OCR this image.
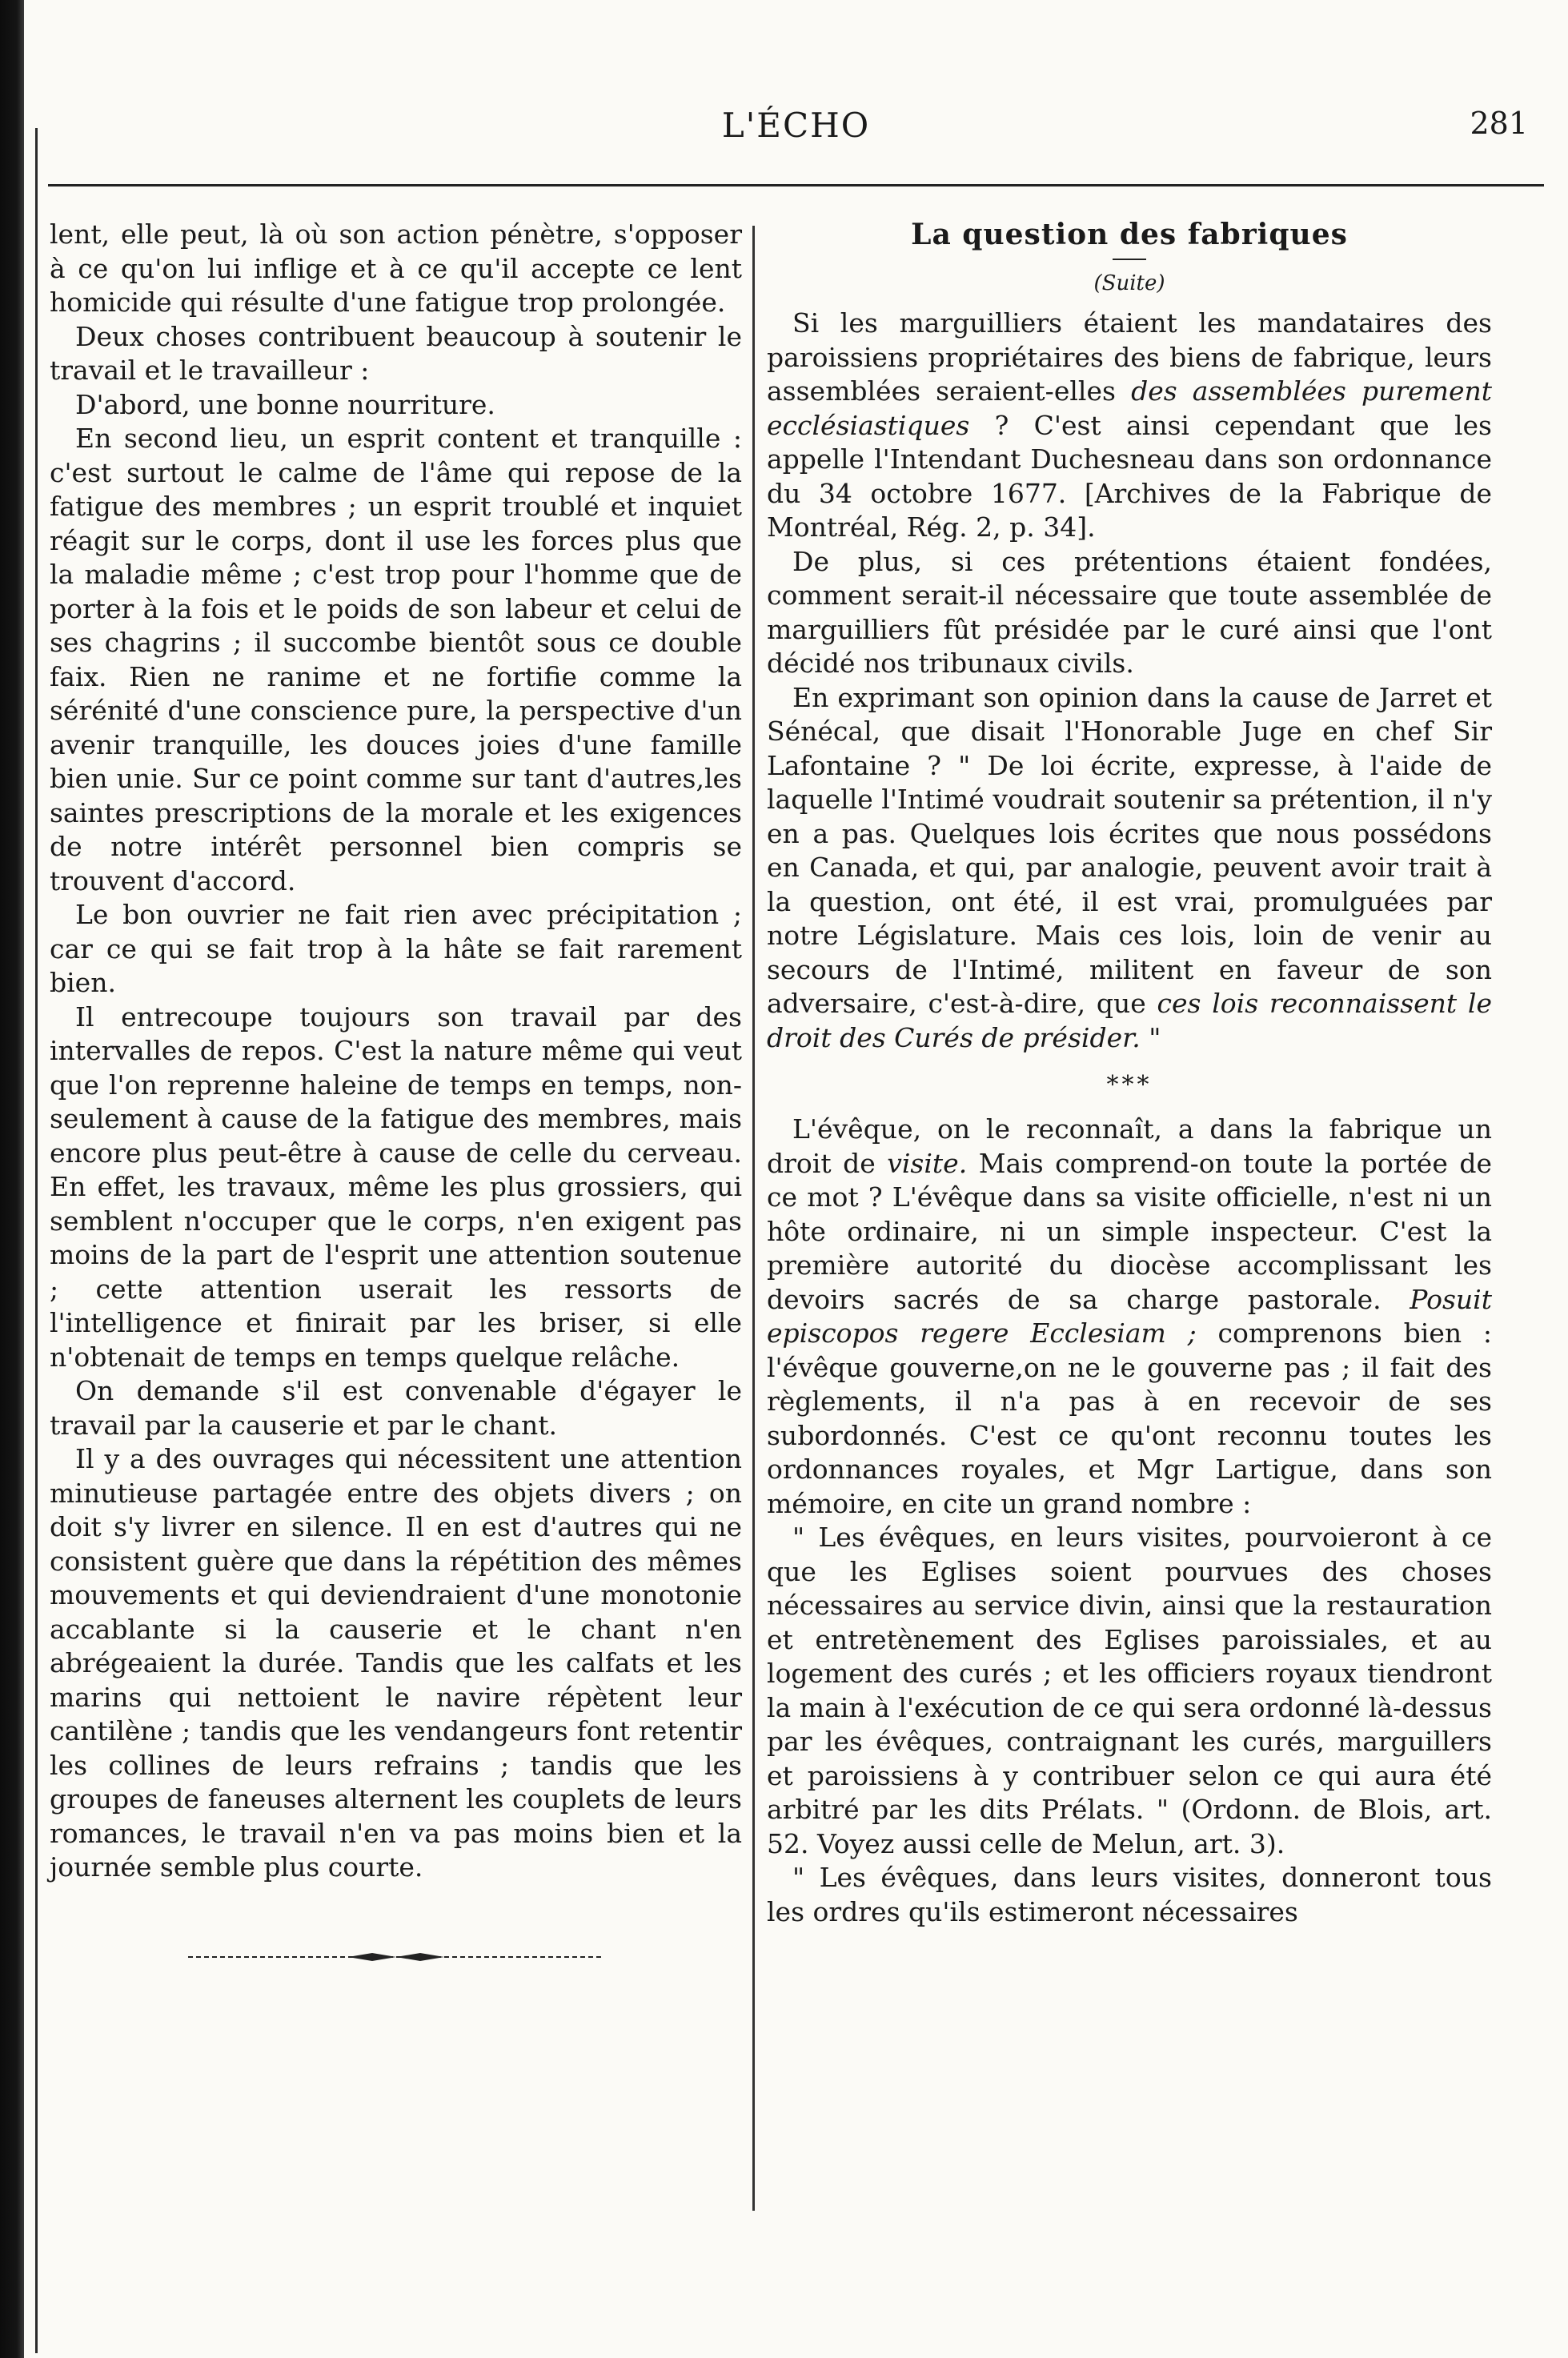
L'ÉCHO	281

lent, elle peut, là où son action pénètre, s'opposer à ce qu'on lui inflige et à ce qu'il accepte ce lent homicide qui résulte d'une fatigue trop prolongée.

Deux choses contribuent beaucoup à soutenir le travail et le travailleur :

D'abord, une bonne nourriture.

En second lieu, un esprit content et tranquille : c'est surtout le calme de l'âme qui repose de la fatigue des membres ; un esprit troublé et inquiet réagit sur le corps, dont il use les forces plus que la maladie même ; c'est trop pour l'homme que de porter à la fois et le poids de son labeur et celui de ses chagrins ; il succombe bientôt sous ce double faix. Rien ne ranime et ne fortifie comme la sérénité d'une conscience pure, la perspective d'un avenir tranquille, les douces joies d'une famille bien unie. Sur ce point comme sur tant d'autres,les saintes prescriptions de la morale et les exigences de notre intérêt personnel bien compris se trouvent d'accord.

Le bon ouvrier ne fait rien avec précipitation ; car ce qui se fait trop à la hâte se fait rarement bien.

Il entrecoupe toujours son travail par des intervalles de repos. C'est la nature même qui veut que l'on reprenne haleine de temps en temps, non-seulement à cause de la fatigue des membres, mais encore plus peut-être à cause de celle du cerveau. En effet, les travaux, même les plus grossiers, qui semblent n'occuper que le corps, n'en exigent pas moins de la part de l'esprit une attention soutenue ; cette attention userait les ressorts de l'intelligence et finirait par les briser, si elle n'obtenait de temps en temps quelque relâche.

On demande s'il est convenable d'égayer le travail par la causerie et par le chant.

Il y a des ouvrages qui nécessitent une attention minutieuse partagée entre des objets divers ; on doit s'y livrer en silence. Il en est d'autres qui ne consistent guère que dans la répétition des mêmes mouvements et qui deviendraient d'une monotonie accablante si la causerie et le chant n'en abrégeaient la durée. Tandis que les calfats et les marins qui nettoient le navire répètent leur cantilène ; tandis que les vendangeurs font retentir les collines de leurs refrains ; tandis que les groupes de faneuses alternent les couplets de leurs romances, le travail n'en va pas moins bien et la journée semble plus courte.

La question des fabriques
(Suite)

Si les marguilliers étaient les mandataires des paroissiens propriétaires des biens de fabrique, leurs assemblées seraient-elles des assemblées purement ecclésiastiques ? C'est ainsi cependant que les appelle l'Intendant Duchesneau dans son ordonnance du 34 octobre 1677. [Archives de la Fabrique de Montréal, Rég. 2, p. 34].

De plus, si ces prétentions étaient fondées, comment serait-il nécessaire que toute assemblée de marguilliers fût présidée par le curé ainsi que l'ont décidé nos tribunaux civils.

En exprimant son opinion dans la cause de Jarret et Sénécal, que disait l'Honorable Juge en chef Sir Lafontaine ? " De loi écrite, expresse, à l'aide de laquelle l'Intimé voudrait soutenir sa prétention, il n'y en a pas. Quelques lois écrites que nous possédons en Canada, et qui, par analogie, peuvent avoir trait à la question, ont été, il est vrai, promulguées par notre Législature. Mais ces lois, loin de venir au secours de l'Intimé, militent en faveur de son adversaire, c'est-à-dire, que ces lois reconnaissent le droit des Curés de présider. "

***

L'évêque, on le reconnaît, a dans la fabrique un droit de visite. Mais comprend-on toute la portée de ce mot ? L'évêque dans sa visite officielle, n'est ni un hôte ordinaire, ni un simple inspecteur. C'est la première autorité du diocèse accomplissant les devoirs sacrés de sa charge pastorale. Posuit episcopos regere Ecclesiam ; comprenons bien : l'évêque gouverne,on ne le gouverne pas ; il fait des règlements, il n'a pas à en recevoir de ses subordonnés. C'est ce qu'ont reconnu toutes les ordonnances royales, et Mgr Lartigue, dans son mémoire, en cite un grand nombre :

" Les évêques, en leurs visites, pourvoieront à ce que les Eglises soient pourvues des choses nécessaires au service divin, ainsi que la restauration et entretènement des Eglises paroissiales, et au logement des curés ; et les officiers royaux tiendront la main à l'exécution de ce qui sera ordonné là-dessus par les évêques, contraignant les curés, marguillers et paroissiens à y contribuer selon ce qui aura été arbitré par les dits Prélats. " (Ordonn. de Blois, art. 52. Voyez aussi celle de Melun, art. 3).

" Les évêques, dans leurs visites, donneront tous les ordres qu'ils estimeront nécessaires
